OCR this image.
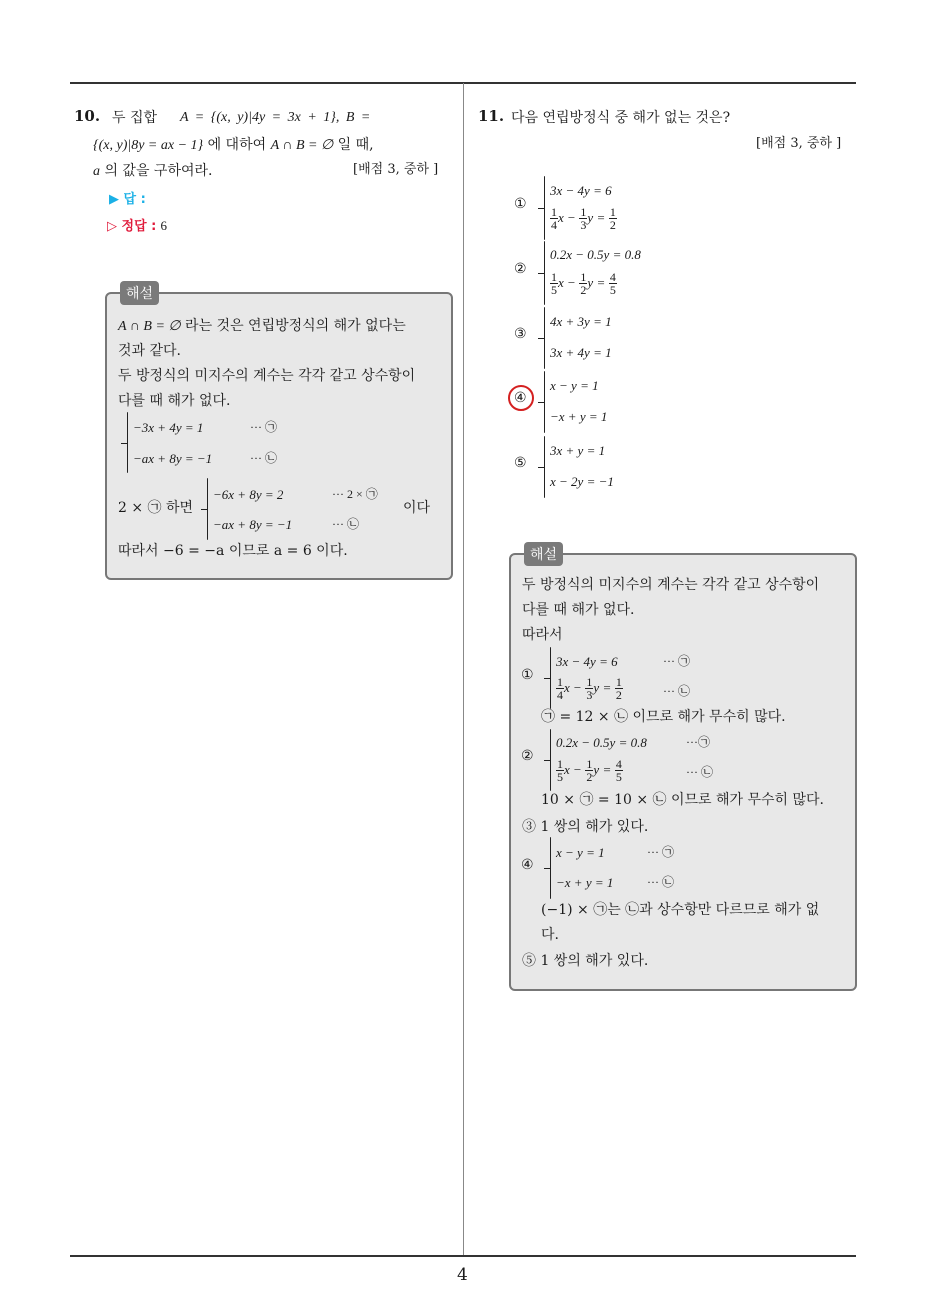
4
10. 두 집합 A = {(x, y)|4y = 3x + 1}, B =
{(x, y)|8y = ax − 1} 에 대하여 A ∩ B = ∅ 일 때,
a 의 값을 구하여라.	[배점 3, 중하 ]
▶ 답 :
▷ 정답 : 6
해설
A ∩ B = ∅ 라는 것은 연립방정식의 해가 없다는
것과 같다.
두 방정식의 미지수의 계수는 각각 같고 상수항이
다를 때 해가 없다.
−3x + 4y = 1	··· ㉠
−ax + 8y = −1	··· ㉡
2 × ㉠ 하면
−6x + 8y = 2	··· 2 × ㉠
−ax + 8y = −1	··· ㉡
이다
따라서 −6 = −a 이므로 a = 6 이다.
11. 다음 연립방정식 중 해가 없는 것은?
[배점 3, 중하 ]
①
3x − 4y = 6
$\frac{1}{4}$ $x - \frac{1}{3}$ $y = \frac{1}{2}$
②
0.2x − 0.5y = 0.8
$\frac{1}{5}$ $x - \frac{1}{2}$ $y = \frac{4}{5}$
③
4x + 3y = 1
3x + 4y = 1
④
x − y = 1
−x + y = 1
⑤
3x + y = 1
x − 2y = −1
해설
두 방정식의 미지수의 계수는 각각 같고 상수항이
다를 때 해가 없다.
따라서
①
3x − 4y = 6	··· ㉠
$\frac{1}{4}$ $x - \frac{1}{3}$ $y = \frac{1}{2}$	··· ㉡
㉠ = 12 × ㉡ 이므로 해가 무수히 많다.
②
0.2x − 0.5y = 0.8	···㉠
$\frac{1}{5}$ $x - \frac{1}{2}$ $y = \frac{4}{5}$	··· ㉡
10 × ㉠ = 10 × ㉡ 이므로 해가 무수히 많다.
③ 1 쌍의 해가 있다.
④
x − y = 1	··· ㉠
−x + y = 1	··· ㉡
(−1) × ㉠는 ㉡과 상수항만 다르므로 해가 없
다.
⑤ 1 쌍의 해가 있다.
